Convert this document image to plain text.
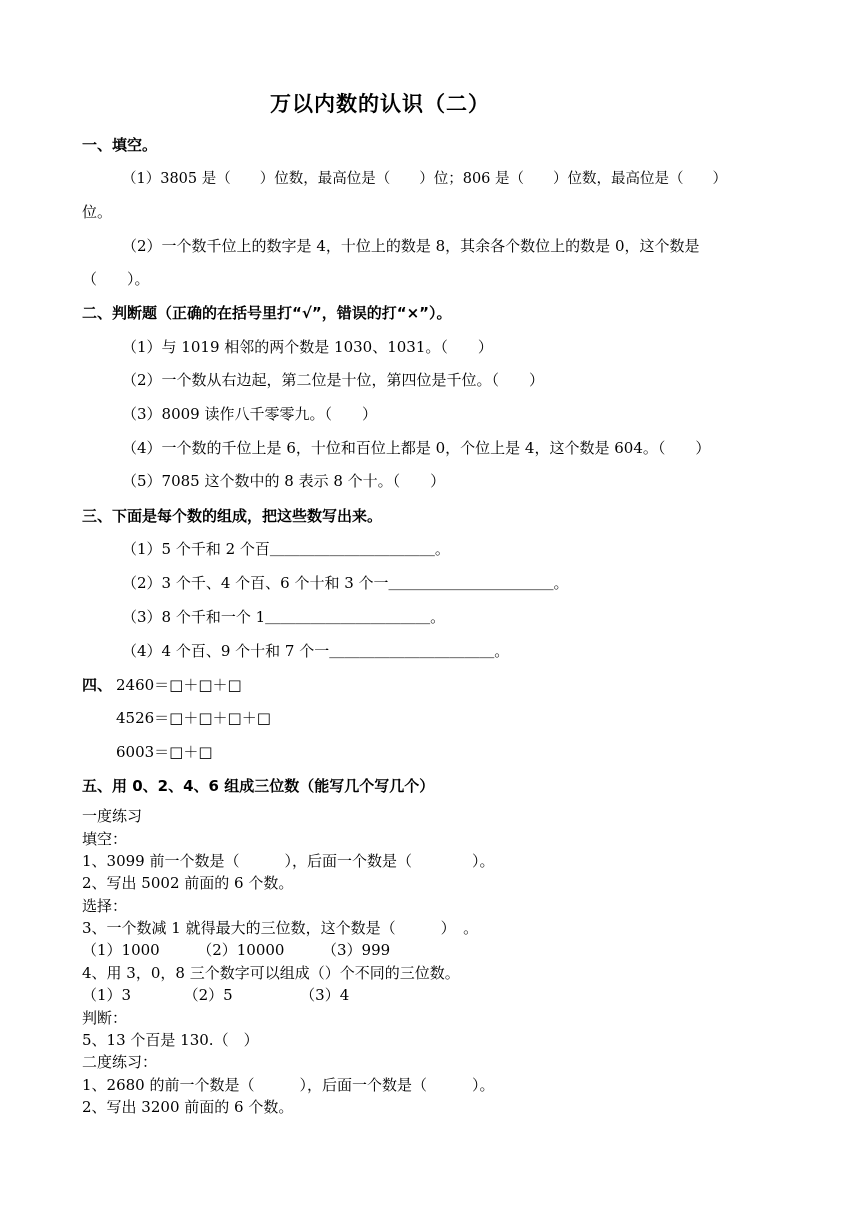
万以内数的认识（二）
一、填空。
（1）3805 是（　　）位数，最高位是（　　）位；806 是（　　）位数，最高位是（　　）
位。
（2）一个数千位上的数字是 4，十位上的数是 8，其余各个数位上的数是 0，这个数是
（　　）。
二、判断题（正确的在括号里打“√”，错误的打“×”）。
（1）与 1019 相邻的两个数是 1030、1031。（　　）
（2）一个数从右边起，第二位是十位，第四位是千位。（　　）
（3）8009 读作八千零零九。（　　）
（4）一个数的千位上是 6，十位和百位上都是 0，个位上是 4，这个数是 604。（　　）
（5）7085 这个数中的 8 表示 8 个十。（　　）
三、下面是每个数的组成，把这些数写出来。
（1）5 个千和 2 个百＿＿＿＿＿＿＿＿＿＿＿。
（2）3 个千、4 个百、6 个十和 3 个一＿＿＿＿＿＿＿＿＿＿＿。
（3）8 个千和一个 1＿＿＿＿＿＿＿＿＿＿＿。
（4）4 个百、9 个十和 7 个一＿＿＿＿＿＿＿＿＿＿＿。
四、 2460＝□＋□＋□
4526＝□＋□＋□＋□
6003＝□＋□
五、用 0、2、4、6 组成三位数（能写几个写几个）
一度练习
填空：
1、3099 前一个数是（　　　），后面一个数是（　　　　）。
2、写出 5002 前面的 6 个数。
选择：
3、一个数减 1 就得最大的三位数，这个数是（　　　）　。
（1）1000　　　（2）10000　　　（3）999
4、用 3，0，8 三个数字可以组成（）个不同的三位数。
（1）3　　　　（2）5　　　　　（3）4
判断：
5、13 个百是 130.（　）
二度练习：
1、2680 的前一个数是（　　　），后面一个数是（　　　）。
2、写出 3200 前面的 6 个数。
